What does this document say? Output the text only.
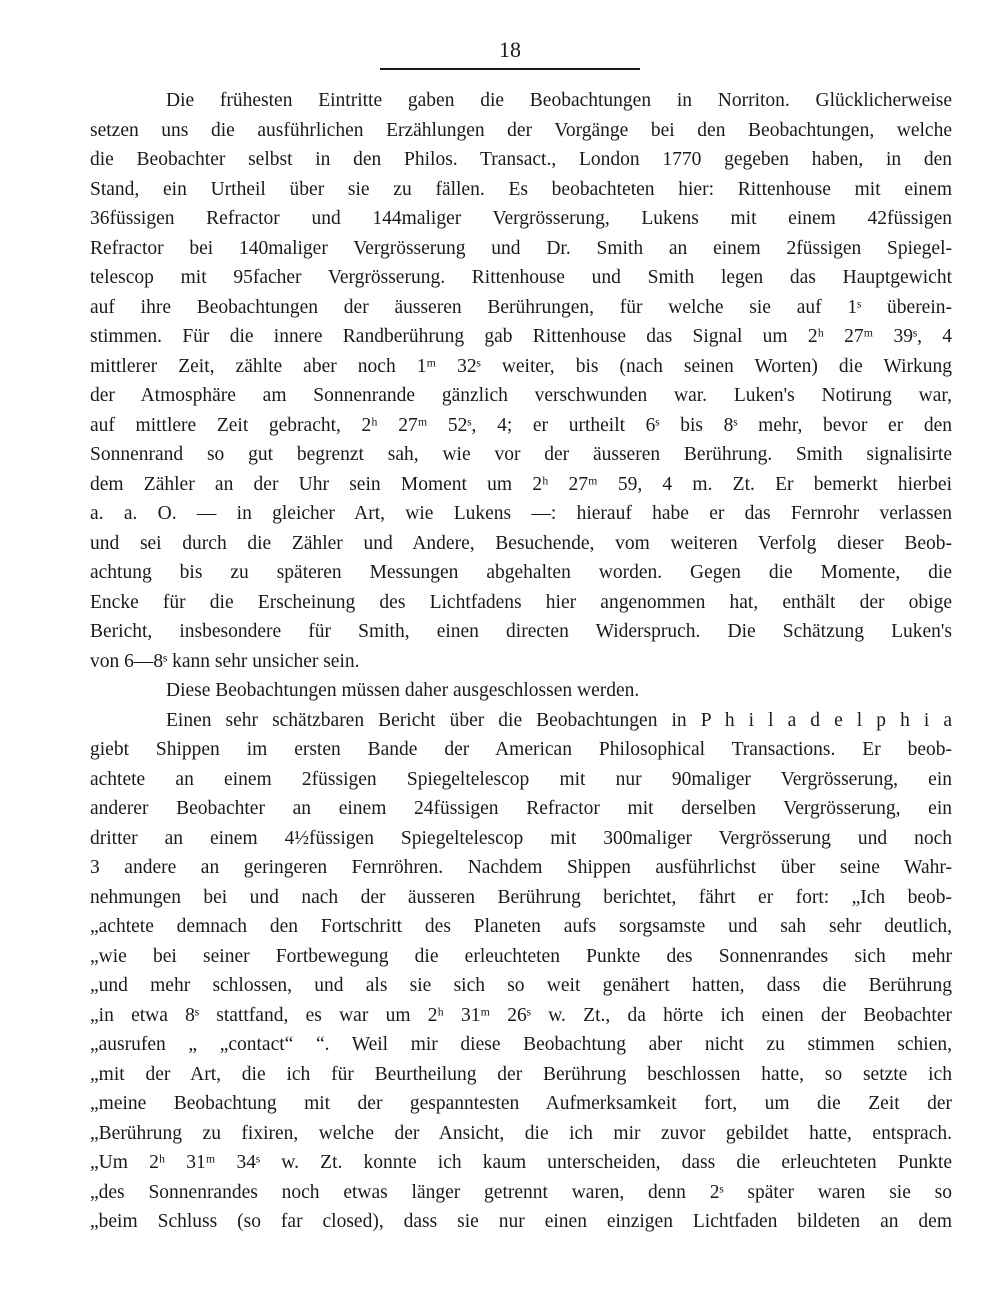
18
Die frühesten Eintritte gaben die Beobachtungen in Norriton. Glücklicherweise
setzen uns die ausführlichen Erzählungen der Vorgänge bei den Beobachtungen, welche
die Beobachter selbst in den Philos. Transact., London 1770 gegeben haben, in den
Stand, ein Urtheil über sie zu fällen. Es beobachteten hier: Rittenhouse mit einem
36füssigen Refractor und 144maliger Vergrösserung, Lukens mit einem 42füssigen
Refractor bei 140maliger Vergrösserung und Dr. Smith an einem 2füssigen Spiegel-
telescop mit 95facher Vergrösserung. Rittenhouse und Smith legen das Hauptgewicht
auf ihre Beobachtungen der äusseren Berührungen, für welche sie auf 1ˢ überein-
stimmen. Für die innere Randberührung gab Rittenhouse das Signal um 2ʰ 27ᵐ 39ˢ, 4
mittlerer Zeit, zählte aber noch 1ᵐ 32ˢ weiter, bis (nach seinen Worten) die Wirkung
der Atmosphäre am Sonnenrande gänzlich verschwunden war. Luken's Notirung war,
auf mittlere Zeit gebracht, 2ʰ 27ᵐ 52ˢ, 4; er urtheilt 6ˢ bis 8ˢ mehr, bevor er den
Sonnenrand so gut begrenzt sah, wie vor der äusseren Berührung. Smith signalisirte
dem Zähler an der Uhr sein Moment um 2ʰ 27ᵐ 59, 4 m. Zt. Er bemerkt hierbei
a. a. O. — in gleicher Art, wie Lukens —: hierauf habe er das Fernrohr verlassen
und sei durch die Zähler und Andere, Besuchende, vom weiteren Verfolg dieser Beob-
achtung bis zu späteren Messungen abgehalten worden. Gegen die Momente, die
Encke für die Erscheinung des Lichtfadens hier angenommen hat, enthält der obige
Bericht, insbesondere für Smith, einen directen Widerspruch. Die Schätzung Luken's
von 6—8ˢ kann sehr unsicher sein.
Diese Beobachtungen müssen daher ausgeschlossen werden.
Einen sehr schätzbaren Bericht über die Beobachtungen in P h i l a d e l p h i a
giebt Shippen im ersten Bande der American Philosophical Transactions. Er beob-
achtete an einem 2füssigen Spiegeltelescop mit nur 90maliger Vergrösserung, ein
anderer Beobachter an einem 24füssigen Refractor mit derselben Vergrösserung, ein
dritter an einem 4½füssigen Spiegeltelescop mit 300maliger Vergrösserung und noch
3 andere an geringeren Fernröhren. Nachdem Shippen ausführlichst über seine Wahr-
nehmungen bei und nach der äusseren Berührung berichtet, fährt er fort: „Ich beob-
„achtete demnach den Fortschritt des Planeten aufs sorgsamste und sah sehr deutlich,
„wie bei seiner Fortbewegung die erleuchteten Punkte des Sonnenrandes sich mehr
„und mehr schlossen, und als sie sich so weit genähert hatten, dass die Berührung
„in etwa 8ˢ stattfand, es war um 2ʰ 31ᵐ 26ˢ w. Zt., da hörte ich einen der Beobachter
„ausrufen „ „contact“ “. Weil mir diese Beobachtung aber nicht zu stimmen schien,
„mit der Art, die ich für Beurtheilung der Berührung beschlossen hatte, so setzte ich
„meine Beobachtung mit der gespanntesten Aufmerksamkeit fort, um die Zeit der
„Berührung zu fixiren, welche der Ansicht, die ich mir zuvor gebildet hatte, entsprach.
„Um 2ʰ 31ᵐ 34ˢ w. Zt. konnte ich kaum unterscheiden, dass die erleuchteten Punkte
„des Sonnenrandes noch etwas länger getrennt waren, denn 2ˢ später waren sie so
„beim Schluss (so far closed), dass sie nur einen einzigen Lichtfaden bildeten an dem
